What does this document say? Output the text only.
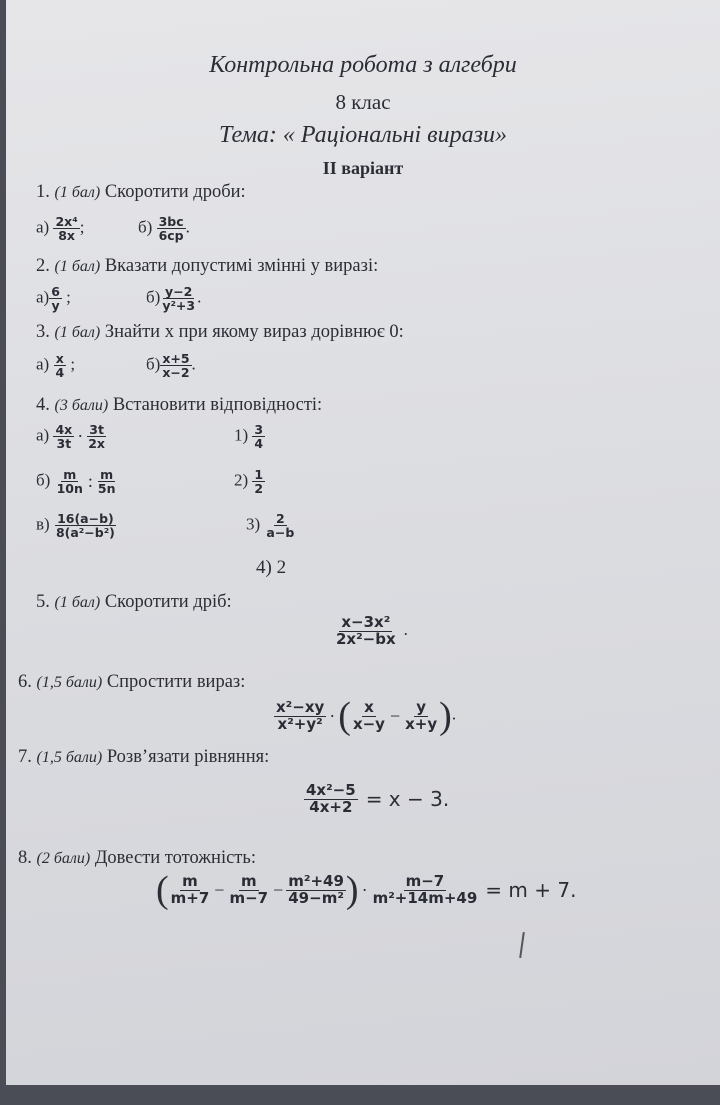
Контрольна робота з алгебри
8 клас
Тема: « Раціональні вирази»
ІІ варіант
1. (1 бал) Скоротити дроби:
$а) \frac{\text{2x⁴}}{8x}$ ;	$б) \frac{3bc}{6cp}$ .
2. (1 бал) Вказати допустимі змінні у виразі:
$а) \frac{6}{y}$ ;	$б) \frac{y-2}{\text{y²+3}}$ .
3. (1 бал) Знайти x при якому вираз дорівнює 0:
$а) \frac{x}{4}$ ;	$б) \frac{x+5}{x-2}$ .
4. (3 бали) Встановити відповідності:
$а) \frac{4x}{3t} \cdot \frac{3t}{2x}$	$1) \frac{3}{4}$
$б) \frac{m}{10n}$ : $\frac{m}{5n}$	$2) \frac{1}{2}$
$в) \frac{16(a-b)}{\text{8(a²−b²)}}$	$3) \frac{2}{a-b}$
4) 2
5. (1 бал) Скоротити дріб:
$\frac{\text{x−3x²}}{\text{2x²−bx}}$ .
6. (1,5 бали) Спростити вираз:
$\frac{\text{x²−xy}}{\text{x²+y²}}$ ·( $\frac{x}{x-y} - \frac{y}{x+y}$ ).
7. (1,5 бали) Розв’язати рівняння:
$\frac{\text{4x²−5}}{4x+2} = x - 3$.
8. (2 бали) Довести тотожність:
( $\frac{m}{m+7} - \frac{m}{m-7} - \frac{\text{m²+49}}{\text{49−m²}}$ ) · $\frac{m-7}{\text{m²+14m+49}} = m + 7$.
